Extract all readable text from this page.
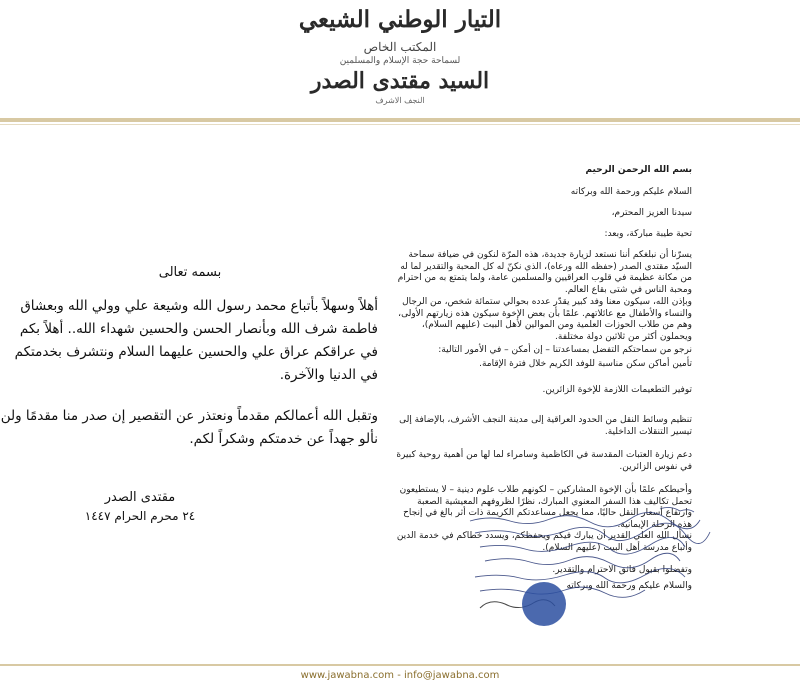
التيار الوطني الشيعي
المكتب الخاص
لسماحة حجة الإسلام والمسلمين
السيد مقتدى الصدر
النجف الاشرف
بسمه تعالى
أهلاً وسهلاً بأتباع محمد رسول الله وشيعة علي وولي الله وبعشاق فاطمة شرف الله وبأنصار الحسن والحسين شهداء الله.. أهلاً بكم في عراقكم عراق علي والحسين عليهما السلام ونتشرف بخدمتكم في الدنيا والآخرة.
وتقبل الله أعمالكم مقدماً ونعتذر عن التقصير إن صدر منا مقدمًا ولن نألو جهداً عن خدمتكم وشكراً لكم.
مقتدى الصدر
٢٤ محرم الحرام ١٤٤٧

بسم الله الرحمن الرحيم

السلام عليكم ورحمة الله وبركاته

سيدنا العزيز المحترم،

تحية طيبة مباركة، وبعد:

يسرّنا أن نبلغكم أننا نستعد لزيارة جديدة، هذه المرّة لنكون في ضيافة سماحة السيّد مقتدى الصدر (حفظه الله ورعاه)، الذي نكنّ له كل المحبة والتقدير لما له من مكانة عظيمة في قلوب العراقيين والمسلمين عامة، ولما يتمتع به من احترام ومحبة الناس في شتى بقاع العالم.

وبإذن الله، سيكون معنا وفد كبير يقدّر عدده بحوالي ستمائة شخص، من الرجال والنساء والأطفال مع عائلاتهم. علمًا بأن بعض الإخوة سيكون هذه زيارتهم الأولى، وهم من طلاب الحوزات العلمية ومن الموالين لأهل البيت (عليهم السلام)، ويحملون أكثر من ثلاثين دولة مختلفة.

نرجو من سماحتكم التفضل بمساعدتنا – إن أمكن – في الأمور التالية:

تأمين أماكن سكن مناسبة للوفد الكريم خلال فترة الإقامة.

توفير التطعيمات اللازمة للإخوة الزائرين.

تنظيم وسائط النقل من الحدود العراقية إلى مدينة النجف الأشرف، بالإضافة إلى تيسير التنقلات الداخلية.

دعم زيارة العتبات المقدسة في الكاظمية وسامراء لما لها من أهمية روحية كبيرة في نفوس الزائرين.

وأحيطكم علمًا بأن الإخوة المشاركين – لكونهم طلاب علوم دينية – لا يستطيعون تحمل تكاليف هذا السفر المعنوي المبارك، نظرًا لظروفهم المعيشية الصعبة وارتفاع أسعار النقل حاليًا، مما يجعل مساعدتكم الكريمة ذات أثر بالغ في إنجاح هذه الرحلة الإيمانية.

نسأل الله العلي القدير أن يبارك فيكم ويحفظكم، ويسدد خطاكم في خدمة الدين وأتباع مدرسة أهل البيت (عليهم السلام).

وتفضلوا بقبول فائق الاحترام والتقدير.

والسلام عليكم ورحمة الله وبركاته

www.jawabna.com - info@jawabna.com
